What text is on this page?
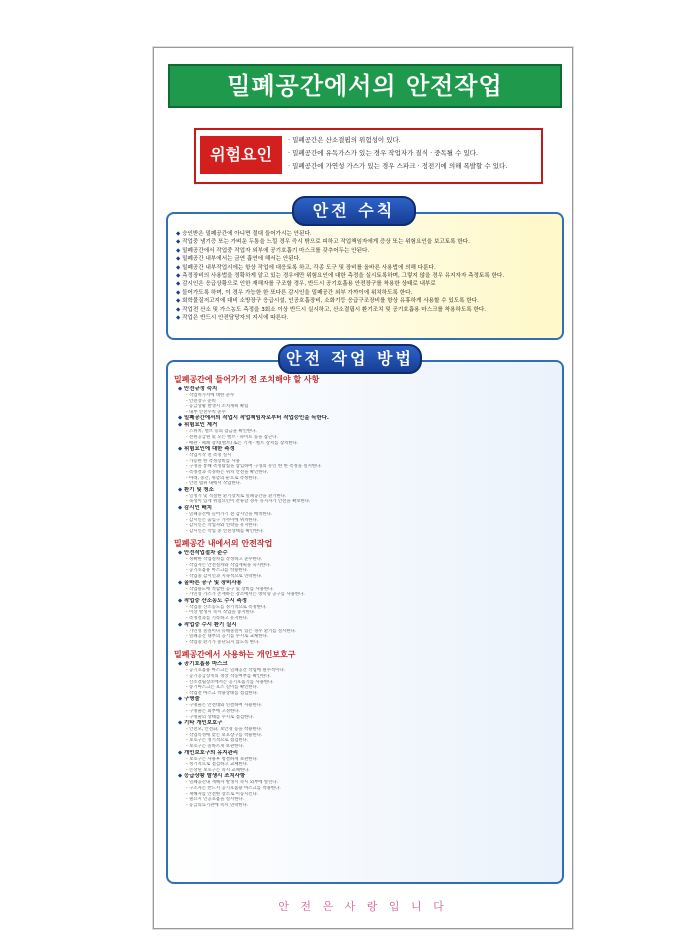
밀폐공간에서의 안전작업
위험요인
· 밀폐공간은 산소결핍의 위험성이 있다.
· 밀폐공간에 유독가스가 있는 경우 작업자가 질식 · 중독될 수 있다.
· 밀폐공간에 가연성 가스가 있는 경우 스파크 · 정전기에 의해 폭발할 수 있다.
◆ 승인받은 밀폐공간에 아니면 절대 들어가시는 안된다.
◆ 작업중 냄기증 또는 가벼운 두통을 느낄 경우 즉시 밖으로 피하고 작업책임자에게 증상 또는 위험요인을 보고토록 한다.
◆ 밀폐공간에서 작업중 작업자 외부에 공기호흡기 마스크를 갖추어두는 안된다.
◆ 밀폐공간 내부에서는 금연 흡연에 해서는 안된다.
◆ 밀폐공간 내부작업시에는 항상 작업에 대응토록 하고, 각종 도구 및 장비를 올바른 사용법에 의해 다룬다.
◆ 측정장비의 사용법을 정확하게 알고 있는 경우에만 위험요인에 대한 측정을 실시토록하며, 그렇지 않을 경우 유지자자 측정토록 한다.
◆ 감시인은 응급상황으로 인한 재해자를 구조할 경우, 반드시 공기호흡용 안전장구를 착용한 상태로 내부로
◆ 들어가도록 하며, 이 경우 가능한 한 또다른 감시인을 밀폐공간 외부 가까이에 위치하도록 한다.
◆ 회학물질저고지에 대비 소방장구 응급시설, 인공호흡장비, 소화기등 응급구조장비를 항상 유휴하게 사용할 수 있도록 한다.
◆ 작업전 산소 및 가스농도 측정을 3회소 이상 반드시 실시하고, 산소결핍시 환기조치 및 공기호흡용 마스크를 착용하도록 한다.
◆ 작업은 반드시 안전담당자의 지시에 따른다.
안전 수칙
밀폐공간에 들어가기 전 조치해야 할 사항
◆ 안전규정 숙지
- 작업허가서에 대한 준수
- 안전장구 준비
- 응급상황 발생시 조치계획 확립
- 내부 안전수칙 준수
◆ 밀폐공간에서의 작업시 작업책임자로부터 작업승인을 득한다.
◆ 위험요인 제거
- 스위치, 밸브 등의 잠금을 확인한다.
- 전원공급원 및 모든 밸브 · 파이프 등을 잠근다.
- 배관 · 폐쇄 장치(밸브) 또는 기계 · 벨트 장치를 장치한다.
◆ 위험요인에 대한 측정
- 작업시작 전 측정 실시
- 가능한 한 측정장비를 사용
- 구경을 통해 측정탐침을 삽입하여 구경의 유인 한 한 측정을 실시한다.
- 측정결과 측정하는 위치 안전을 확인한다.
- 아래, 중간, 위층의 순으로 측정한다.
- 안전 범위 내에서 작업한다.
◆ 환기 및 청소
- 일정기 및 적절한 환기장치로 밀폐공간을 환기한다.
- 독성이 있게 위험요인이 잔류할 경우 유지자가 안전을 확보한다.
◆ 감시인 배치
- 밀폐공간에 들어가기 전 감시인을 배치한다.
- 감시인은 출입구 가까이에 위치한다.
- 감시인은 작업자와 연락을 유지한다.
- 감시인은 작업 중 안전상태를 확인한다.
밀폐공간 내에서의 안전작업
◆ 안전작업절차 준수
- 정확한 작업절차를 작성하고 준수한다.
- 작업자는 안전절차와 작업계획을 숙지한다.
- 공기호흡용 마스크를 착용한다.
- 작업중 감시인과 지속적으로 연락한다.
◆ 올바른 공구 및 장비사용
- 작업용도에 적합한 공구 및 장비를 사용한다.
- 가연성 가스가 존재하는 장소에서는 방폭형 공구를 사용한다.
◆ 작업중 산소농도 수시 측정
- 작업중 산소농도를 정기적으로 측정한다.
- 이상 발생시 즉시 작업을 중지한다.
- 측정결과를 기록하고 유지한다.
◆ 작업중 수시 환기 실시
- 가연성 물질이나 유해물질이 있는 경우 환기를 실시한다.
- 밀폐공간 내부의 공기를 수시로 교체한다.
- 작업중 환기가 중단되지 않도록 한다.
밀폐공간에서 사용하는 개인보호구
◆ 공기호흡용 마스크
- 공기호흡용 마스크는 밀폐공간 작업에 필수적이다.
- 공기공급장치의 정상 작동여부를 확인한다.
- 산소결핍장소에서는 공기호흡기를 사용한다.
- 송기마스크는 호스 길이를 확인한다.
- 작업전 마스크 착용상태를 점검한다.
◆ 구명줄
- 구명줄은 안전대와 연결하여 사용한다.
- 구명줄은 외부에 고정한다.
- 구명줄의 상태를 수시로 점검한다.
◆ 기타 개인보호구
- 안전모, 안전화, 보안경 등을 착용한다.
- 작업특성에 맞는 보호장구를 착용한다.
- 보호구는 정기적으로 점검한다.
- 보호구는 올바르게 보관한다.
◆ 개인보호구의 유지관리
- 보호구는 사용후 청결하게 보관한다.
- 정기적으로 점검하고 교체한다.
- 손상된 보호구는 즉시 교체한다.
◆ 응급상황 발생시 조치사항
- 밀폐공간내 재해자 발생시 즉시 외부에 알린다.
- 구조자는 반드시 공기호흡용 마스크를 착용한다.
- 재해자를 안전한 장소로 이동시킨다.
- 필요시 인공호흡을 실시한다.
- 응급의료기관에 즉시 연락한다.
안전 작업 방법
안 전 은 사 랑 입 니 다
